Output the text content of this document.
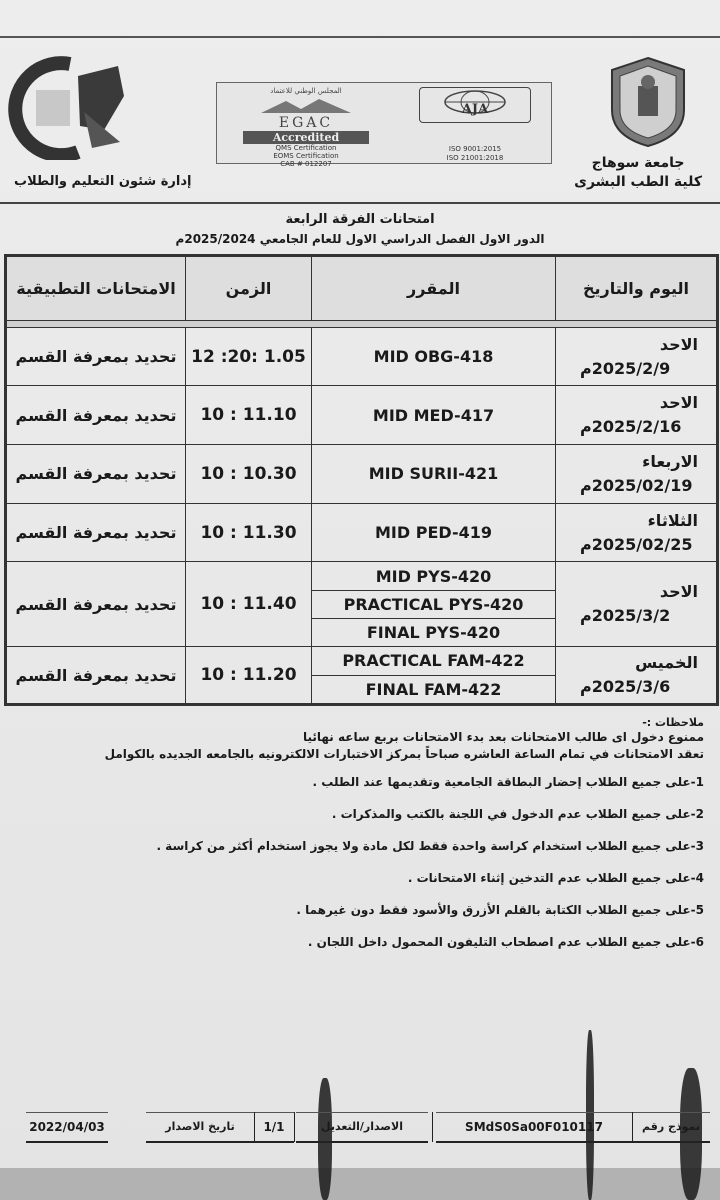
جامعة سوهاج
كلية الطب البشرى
المجلس الوطني للاعتماد
EGAC
Accredited
QMS Certification
EOMS Certification
CAB # 012207
AJA
ISO 9001:2015
ISO 21001:2018
إدارة شئون التعليم والطلاب
امتحانات الفرقة الرابعة
الدور الاول الفصل الدراسي الاول للعام الجامعي 2025/2024م
الامتحانات التطبيقية	الزمن	المقرر	اليوم والتاريخ

تحديد بمعرفة القسم	12 :20: 1.05	MID OBG-418	الاحد
2025/2/9م

تحديد بمعرفة القسم	10 : 11.10	MID MED-417	الاحد
2025/2/16م

تحديد بمعرفة القسم	10 : 10.30	MID SURII-421	الاربعاء
2025/02/19م

تحديد بمعرفة القسم	10 : 11.30	MID PED-419	الثلاثاء
2025/02/25م

تحديد بمعرفة القسم	10 : 11.40	MID PYS-420	الاحد
2025/3/2م

		PRACTICAL PYS-420	
		FINAL PYS-420	
تحديد بمعرفة القسم	10 : 11.20	PRACTICAL FAM-422	الخميس
2025/3/6م

		FINAL FAM-422	
ملاحظات :-
ممنوع دخول اى طالب الامتحانات بعد بدء الامتحانات بربع ساعه نهائيا
تعقد الامتحانات في تمام الساعة العاشره صباحاً بمركز الاختبارات الالكترونيه بالجامعه الجديده بالكوامل
1-على جميع الطلاب إحضار البطاقة الجامعية وتقديمها عند الطلب .
2-على جميع الطلاب عدم الدخول في اللجنة بالكتب والمذكرات .
3-على جميع الطلاب استخدام كراسة واحدة فقط لكل مادة ولا يجوز استخدام أكثر من كراسة .
4-على جميع الطلاب عدم التدخين إثناء الامتحانات .
5-على جميع الطلاب الكتابة بالقلم الأزرق والأسود فقط دون غيرهما .
6-على جميع الطلاب عدم اصطحاب التليفون المحمول داخل اللجان .
2022/04/03	تاريخ الاصدار	1/1	الاصدار/التعديل	SMdS0Sa00F010117	نموذج رقم
